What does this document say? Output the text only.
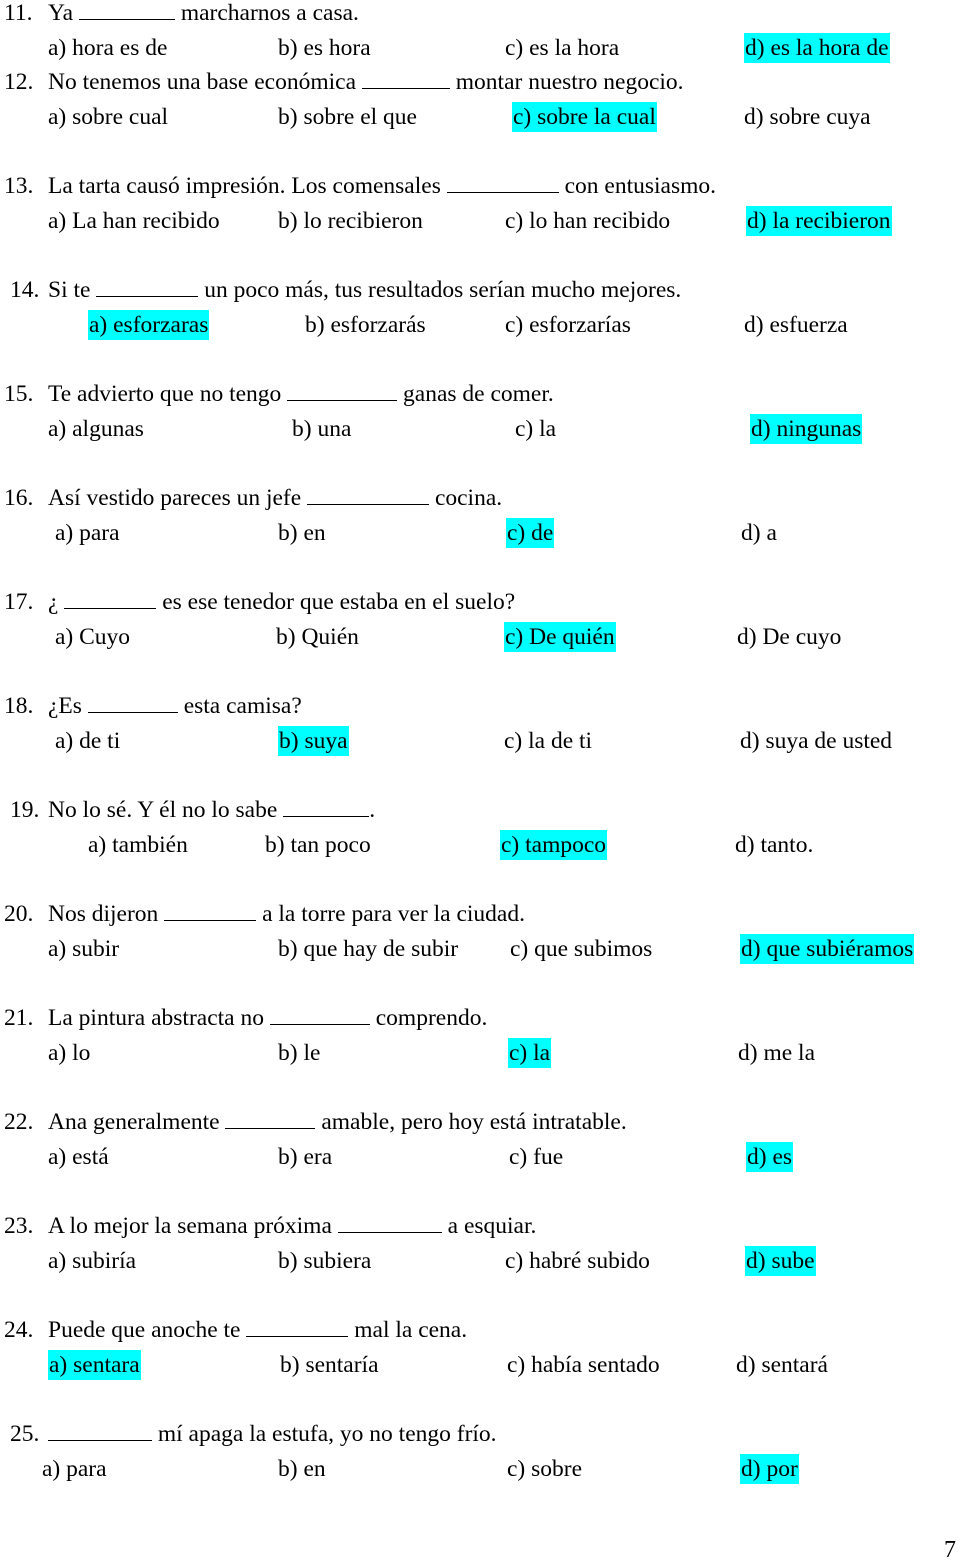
11. Ya	marcharnos a casa.
a) hora es de	b) es hora	c) es la hora	d) es la hora de
12. No tenemos una base económica	montar nuestro negocio.
a) sobre cual	b) sobre el que	c) sobre la cual	d) sobre cuya
13. La tarta causó impresión. Los comensales	con entusiasmo.
a) La han recibido b) lo recibieron	c) lo han recibido	d) la recibieron
14. Si te	un poco más, tus resultados serían mucho mejores.
a) esforzaras	b) esforzarás	c) esforzarías	d) esfuerza
15. Te advierto que no tengo	ganas de comer.
a) algunas	b) una	c) la	d) ningunas
16. Así vestido pareces un jefe	cocina.
a) para	b) en	c) de	d) a
17. ¿	es ese tenedor que estaba en el suelo?
a) Cuyo	b) Quién	c) De quién	d) De cuyo
18. ¿Es	esta camisa?
a) de ti	b) suya	c) la de ti	d) suya de usted
19. No lo sé. Y él no lo sabe	.
a) también	b) tan poco	c) tampoco	d) tanto.
20. Nos dijeron	a la torre para ver la ciudad.
a) subir	b) que hay de subir c) que subimos	d) que subiéramos
21. La pintura abstracta no	comprendo.
a) lo	b) le	c) la	d) me la
22. Ana generalmente	amable, pero hoy está intratable.
a) está	b) era	c) fue	d) es
23. A lo mejor la semana próxima	a esquiar.
a) subiría	b) subiera	c) habré subido	d) sube
24. Puede que anoche te	mal la cena.
a) sentara	b) sentaría	c) había sentado	d) sentará
25.	mí apaga la estufa, yo no tengo frío.
a) para	b) en	c) sobre	d) por
7
